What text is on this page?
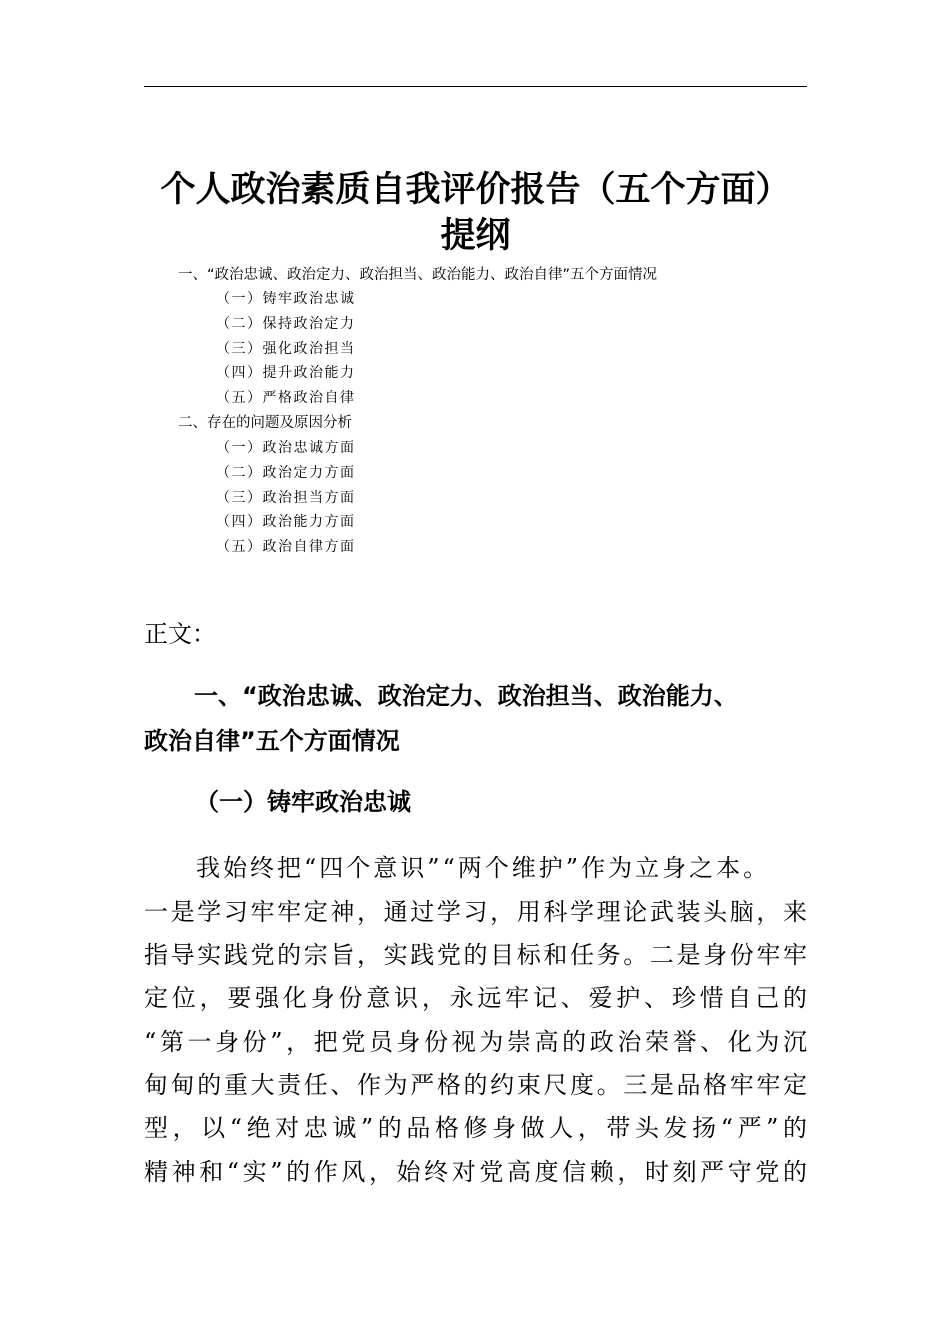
个人政治素质自我评价报告（五个方面）
提纲
一、“政治忠诚、政治定力、政治担当、政治能力、政治自律”五个方面情况
（一）铸牢政治忠诚
（二）保持政治定力
（三）强化政治担当
（四）提升政治能力
（五）严格政治自律
二、存在的问题及原因分析
（一）政治忠诚方面
（二）政治定力方面
（三）政治担当方面
（四）政治能力方面
（五）政治自律方面
正文：
一、“政治忠诚、政治定力、政治担当、政治能力、
政治自律”五个方面情况
（一）铸牢政治忠诚
我始终把“四个意识”“两个维护”作为立身之本。
一是学习牢牢定神，通过学习，用科学理论武装头脑，来
指导实践党的宗旨，实践党的目标和任务。二是身份牢牢
定位，要强化身份意识，永远牢记、爱护、珍惜自己的
“第一身份”，把党员身份视为崇高的政治荣誉、化为沉
甸甸的重大责任、作为严格的约束尺度。三是品格牢牢定
型，以“绝对忠诚”的品格修身做人，带头发扬“严”的
精神和“实”的作风，始终对党高度信赖，时刻严守党的
